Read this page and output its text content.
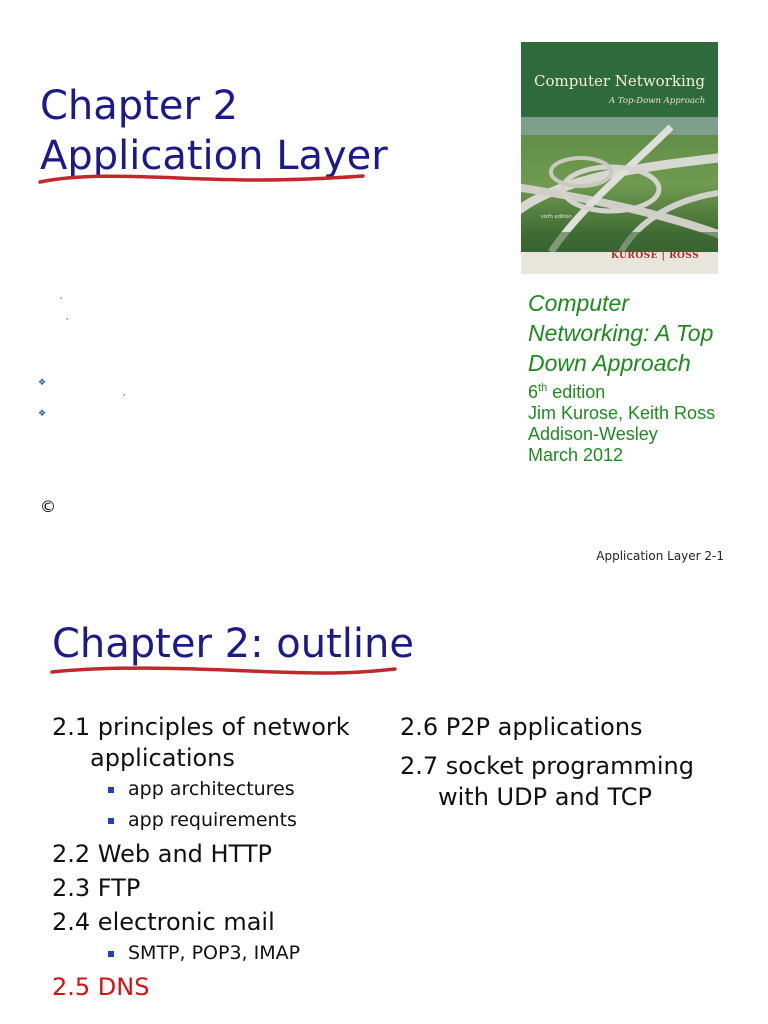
Chapter 2
Application Layer
'
,
❖
,
❖
Computer Networking
A Top-Down Approach
sixth edition
KUROSE | ROSS
Computer
Networking: A Top
Down Approach
6th edition
Jim Kurose, Keith Ross
Addison-Wesley
March 2012
©
Application Layer 2-1
Chapter 2: outline
2.1 principles of network
applications
app architectures
app requirements
2.2 Web and HTTP
2.3 FTP
2.4 electronic mail
SMTP, POP3, IMAP
2.5 DNS
2.6 P2P applications
2.7 socket programming
with UDP and TCP
